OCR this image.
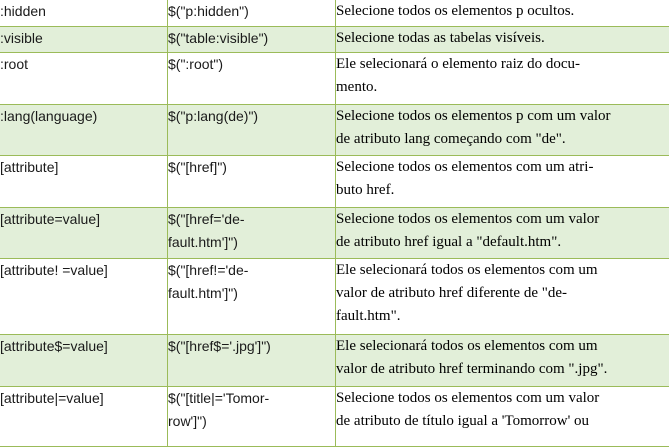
:hidden	$("p:hidden")	Selecione todos os elementos p ocultos.

:visible	$("table:visible")	Selecione todas as tabelas visíveis.

:root	$(":root")	Ele selecionará o elemento raiz do docu-
mento.

:lang(language)	$("p:lang(de)")	Selecione todos os elementos p com um valor
de atributo lang começando com "de".

[attribute]	$("[href]")	Selecione todos os elementos com um atri-
buto href.

[attribute=value]	$("[href='de-
fault.htm']")	Selecione todos os elementos com um valor
de atributo href igual a "default.htm".

[attribute! =value]	$("[href!='de-
fault.htm']")	Ele selecionará todos os elementos com um
valor de atributo href diferente de "de-
fault.htm".

[attribute$=value]	$("[href$='.jpg']")	Ele selecionará todos os elementos com um
valor de atributo href terminando com ".jpg".

[attribute|=value]	$("[title|='Tomor-
row']")	Selecione todos os elementos com um valor
de atributo de título igual a 'Tomorrow' ou
